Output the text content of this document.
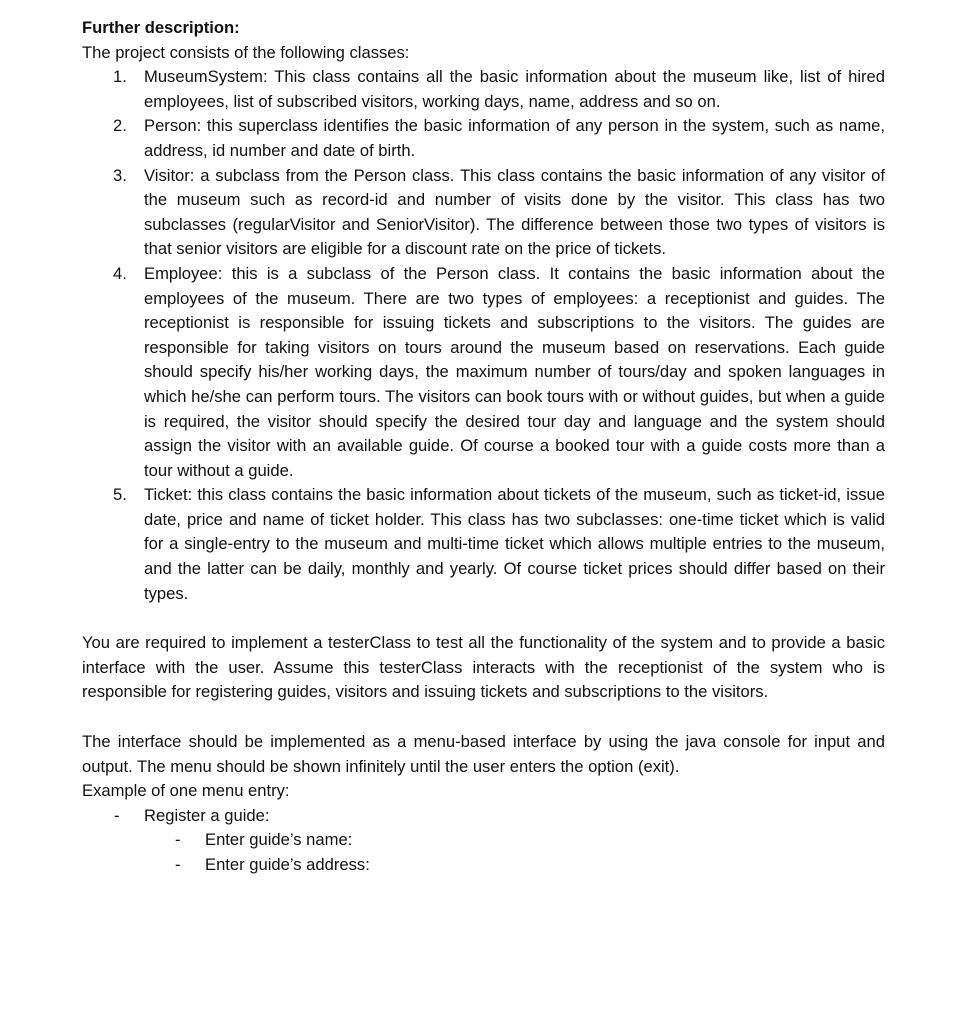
Further description:

The project consists of the following classes:

MuseumSystem: This class contains all the basic information about the museum like, list of hired employees, list of subscribed visitors, working days, name, address and so on.
Person: this superclass identifies the basic information of any person in the system, such as name, address, id number and date of birth.
Visitor: a subclass from the Person class. This class contains the basic information of any visitor of the museum such as record-id and number of visits done by the visitor. This class has two subclasses (regularVisitor and SeniorVisitor). The difference between those two types of visitors is that senior visitors are eligible for a discount rate on the price of tickets.
Employee: this is a subclass of the Person class. It contains the basic information about the employees of the museum. There are two types of employees: a receptionist and guides. The receptionist is responsible for issuing tickets and subscriptions to the visitors. The guides are responsible for taking visitors on tours around the museum based on reservations. Each guide should specify his/her working days, the maximum number of tours/day and spoken languages in which he/she can perform tours. The visitors can book tours with or without guides, but when a guide is required, the visitor should specify the desired tour day and language and the system should assign the visitor with an available guide. Of course a booked tour with a guide costs more than a tour without a guide.
Ticket: this class contains the basic information about tickets of the museum, such as ticket-id, issue date, price and name of ticket holder. This class has two subclasses: one-time ticket which is valid for a single-entry to the museum and multi-time ticket which allows multiple entries to the museum, and the latter can be daily, monthly and yearly. Of course ticket prices should differ based on their types.

You are required to implement a testerClass to test all the functionality of the system and to provide a basic interface with the user. Assume this testerClass interacts with the receptionist of the system who is responsible for registering guides, visitors and issuing tickets and subscriptions to the visitors.

The interface should be implemented as a menu-based interface by using the java console for input and output. The menu should be shown infinitely until the user enters the option (exit).

Example of one menu entry:

- Register a guide:
- Enter guide’s name:
- Enter guide’s address:
